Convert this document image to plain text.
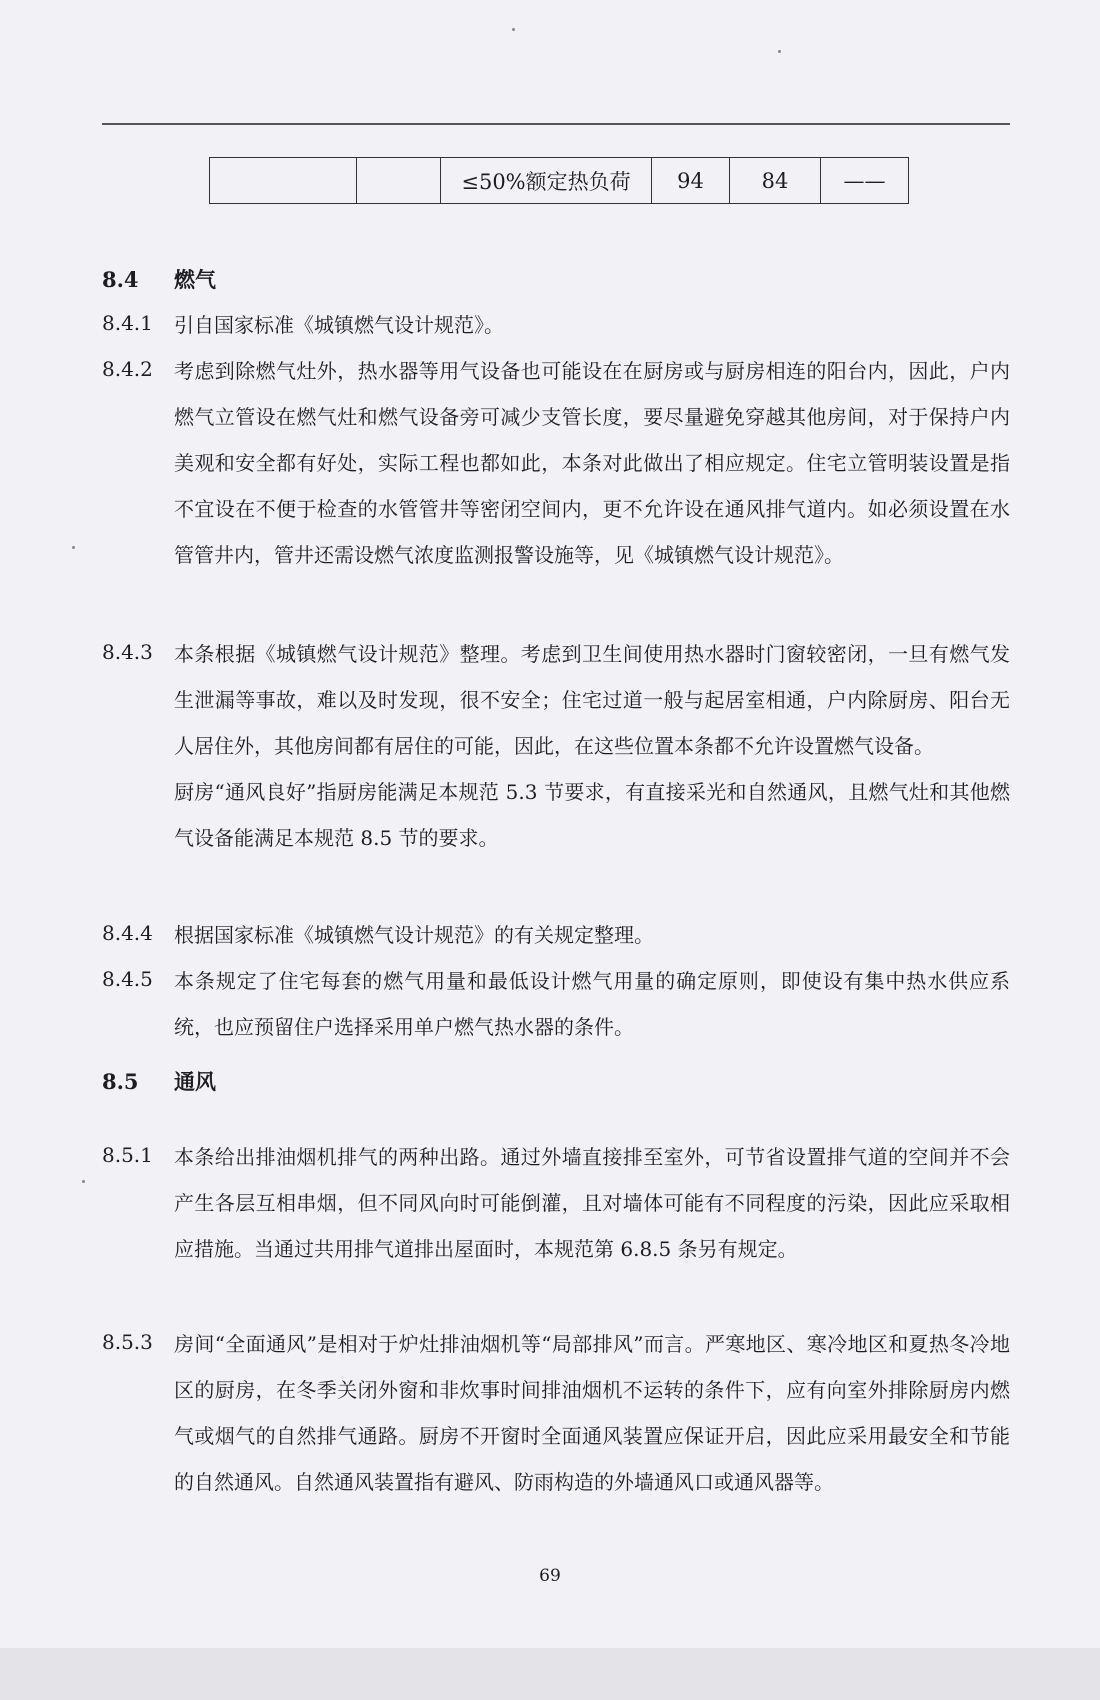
		≤50%额定热负荷	94	84	——
8.4 燃气
8.4.1 引自国家标准《城镇燃气设计规范》。

8.4.2 考虑到除燃气灶外，热水器等用气设备也可能设在在厨房或与厨房相连的阳台内，因此，户内燃气立管设在燃气灶和燃气设备旁可减少支管长度，要尽量避免穿越其他房间，对于保持户内美观和安全都有好处，实际工程也都如此，本条对此做出了相应规定。住宅立管明装设置是指不宜设在不便于检查的水管管井等密闭空间内，更不允许设在通风排气道内。如必须设置在水管管井内，管井还需设燃气浓度监测报警设施等，见《城镇燃气设计规范》。

8.4.3 本条根据《城镇燃气设计规范》整理。考虑到卫生间使用热水器时门窗较密闭，一旦有燃气发生泄漏等事故，难以及时发现，很不安全；住宅过道一般与起居室相通，户内除厨房、阳台无人居住外，其他房间都有居住的可能，因此，在这些位置本条都不允许设置燃气设备。

厨房“通风良好”指厨房能满足本规范 5.3 节要求，有直接采光和自然通风，且燃气灶和其他燃气设备能满足本规范 8.5 节的要求。

8.4.4 根据国家标准《城镇燃气设计规范》的有关规定整理。

8.4.5 本条规定了住宅每套的燃气用量和最低设计燃气用量的确定原则，即使设有集中热水供应系统，也应预留住户选择采用单户燃气热水器的条件。

8.5 通风
8.5.1 本条给出排油烟机排气的两种出路。通过外墙直接排至室外，可节省设置排气道的空间并不会产生各层互相串烟，但不同风向时可能倒灌，且对墙体可能有不同程度的污染，因此应采取相应措施。当通过共用排气道排出屋面时，本规范第 6.8.5 条另有规定。

8.5.3 房间“全面通风”是相对于炉灶排油烟机等“局部排风”而言。严寒地区、寒冷地区和夏热冬冷地区的厨房，在冬季关闭外窗和非炊事时间排油烟机不运转的条件下，应有向室外排除厨房内燃气或烟气的自然排气通路。厨房不开窗时全面通风装置应保证开启，因此应采用最安全和节能的自然通风。自然通风装置指有避风、防雨构造的外墙通风口或通风器等。

69
